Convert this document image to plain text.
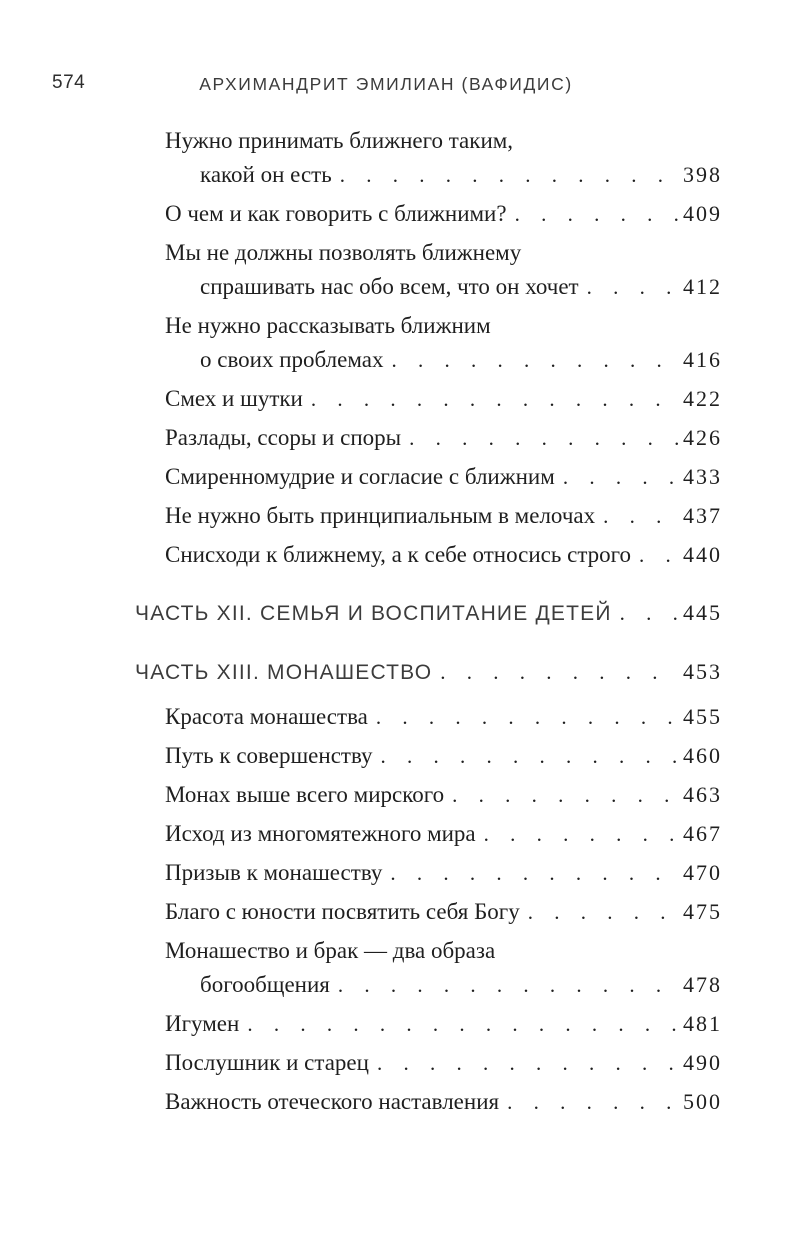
574	АРХИМАНДРИТ ЭМИЛИАН (ВАФИДИС)
Нужно принимать ближнего таким,
какой он есть . . .	398
О чем и как говорить с ближними? . . .	409
Мы не должны позволять ближнему
спрашивать нас обо всем, что он хочет . . .	412
Не нужно рассказывать ближним
о своих проблемах . . .	416
Смех и шутки . . .	422
Разлады, ссоры и споры . . .	426
Смиренномудрие и согласие с ближним . . .	433
Не нужно быть принципиальным в мелочах . . .	437
Снисходи к ближнему, а к себе относись строго . . . 440
ЧАСТЬ XII. СЕМЬЯ И ВОСПИТАНИЕ ДЕТЕЙ . . .	445
ЧАСТЬ XIII. МОНАШЕСТВО . . .	453
Красота монашества . . .	455
Путь к совершенству . . .	460
Монах выше всего мирского . . .	463
Исход из многомятежного мира . . .	467
Призыв к монашеству . . .	470
Благо с юности посвятить себя Богу . . .	475
Монашество и брак — два образа
богообщения . . .	478
Игумен . . .	481
Послушник и старец . . .	490
Важность отеческого наставления . . .	500
